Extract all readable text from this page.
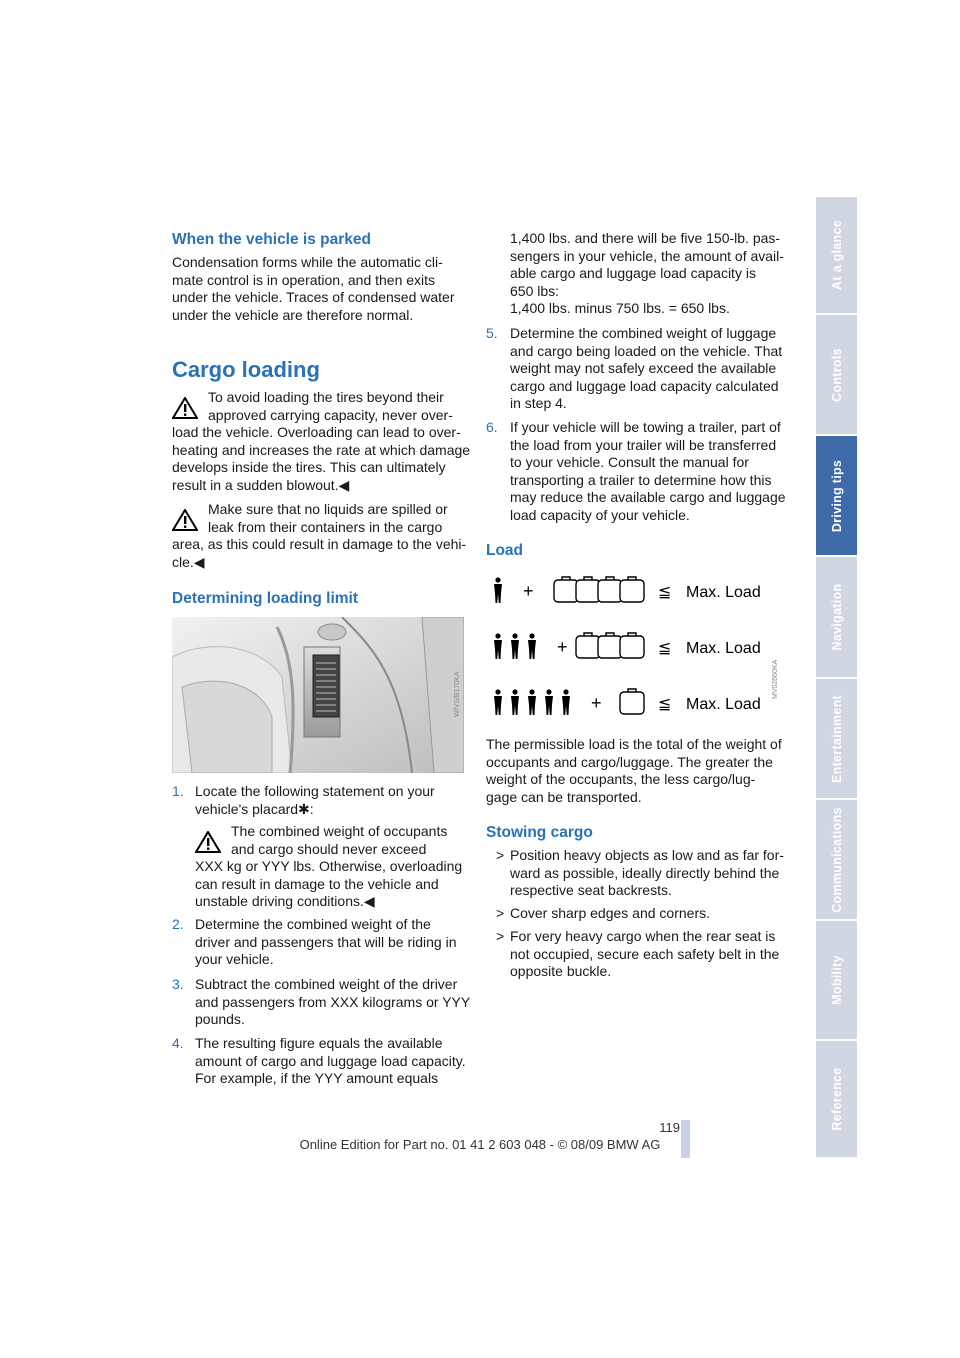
When the vehicle is parked

Condensation forms while the automatic cli-

mate control is in operation, and then exits

under the vehicle. Traces of condensed water

under the vehicle are therefore normal.

Cargo loading

To avoid loading the tires beyond their

approved carrying capacity, never over-

load the vehicle. Overloading can lead to over-

heating and increases the rate at which damage

develops inside the tires. This can ultimately

result in a sudden blowout.◀

Make sure that no liquids are spilled or

leak from their containers in the cargo

area, as this could result in damage to the vehi-

cle.◀

Determining loading limit
W/VS/B170KA
1. Locate the following statement on your
vehicle's placard✱:

The combined weight of occupants

and cargo should never exceed

XXX kg or YYY lbs. Otherwise, overloading

can result in damage to the vehicle and

unstable driving conditions.◀

2. Determine the combined weight of the
driver and passengers that will be riding in
your vehicle.
3. Subtract the combined weight of the driver
and passengers from XXX kilograms or YYY
pounds.
4. The resulting figure equals the available
amount of cargo and luggage load capacity.
For example, if the YYY amount equals

1,400 lbs. and there will be five 150-lb. pas-

sengers in your vehicle, the amount of avail-

able cargo and luggage load capacity is

650 lbs:

1,400 lbs. minus 750 lbs. = 650 lbs.

5. Determine the combined weight of luggage
and cargo being loaded on the vehicle. That
weight may not safely exceed the available
cargo and luggage load capacity calculated
in step 4.
6. If your vehicle will be towing a trailer, part of
the load from your trailer will be transferred
to your vehicle. Consult the manual for
transporting a trailer to determine how this
may reduce the available cargo and luggage
load capacity of your vehicle.
Load
+	≦ Max. Load
+	≦ Max. Load
+	≦ Max. Load
MV02660KA

The permissible load is the total of the weight of

occupants and cargo/luggage. The greater the

weight of the occupants, the less cargo/lug-

gage can be transported.

Stowing cargo
> Position heavy objects as low and as far for-
ward as possible, ideally directly behind the
respective seat backrests.
> Cover sharp edges and corners.
> For very heavy cargo when the rear seat is
not occupied, secure each safety belt in the
opposite buckle.
At a glance
Controls
Driving tips
Navigation
Entertainment
Communications
Mobility
Reference
119
Online Edition for Part no. 01 41 2 603 048 - © 08/09 BMW AG
